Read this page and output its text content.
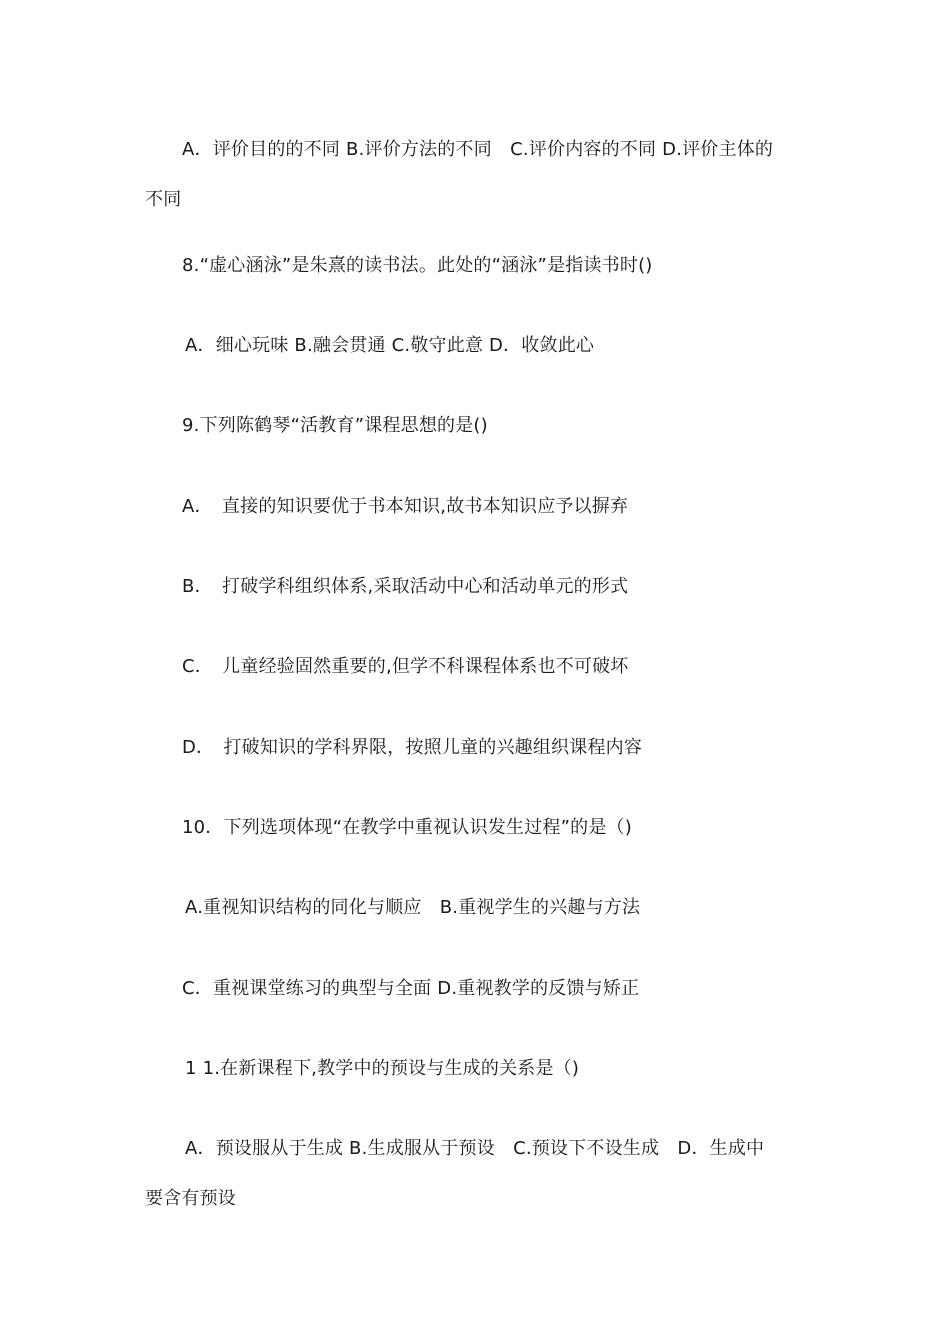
A．评价目的的不同 B.评价方法的不同　C.评价内容的不同 D.评价主体的
不同
8.“虚心涵泳”是朱熹的读书法。此处的“涵泳”是指读书时()
A．细心玩味 B.融会贯通 C.敬守此意 D．收敛此心
9.下列陈鹤琴“活教育”课程思想的是()
A．　直接的知识要优于书本知识,故书本知识应予以摒弃
B．　打破学科组织体系,采取活动中心和活动单元的形式
C．　儿童经验固然重要的,但学不科课程体系也不可破坏
D．　打破知识的学科界限，按照儿童的兴趣组织课程内容
10．下列选项体现“在教学中重视认识发生过程”的是（)
A.重视知识结构的同化与顺应　B.重视学生的兴趣与方法
C．重视课堂练习的典型与全面 D.重视教学的反馈与矫正
1 1.在新课程下,教学中的预设与生成的关系是（)
A．预设服从于生成 B.生成服从于预设　C.预设下不设生成　D．生成中
要含有预设
